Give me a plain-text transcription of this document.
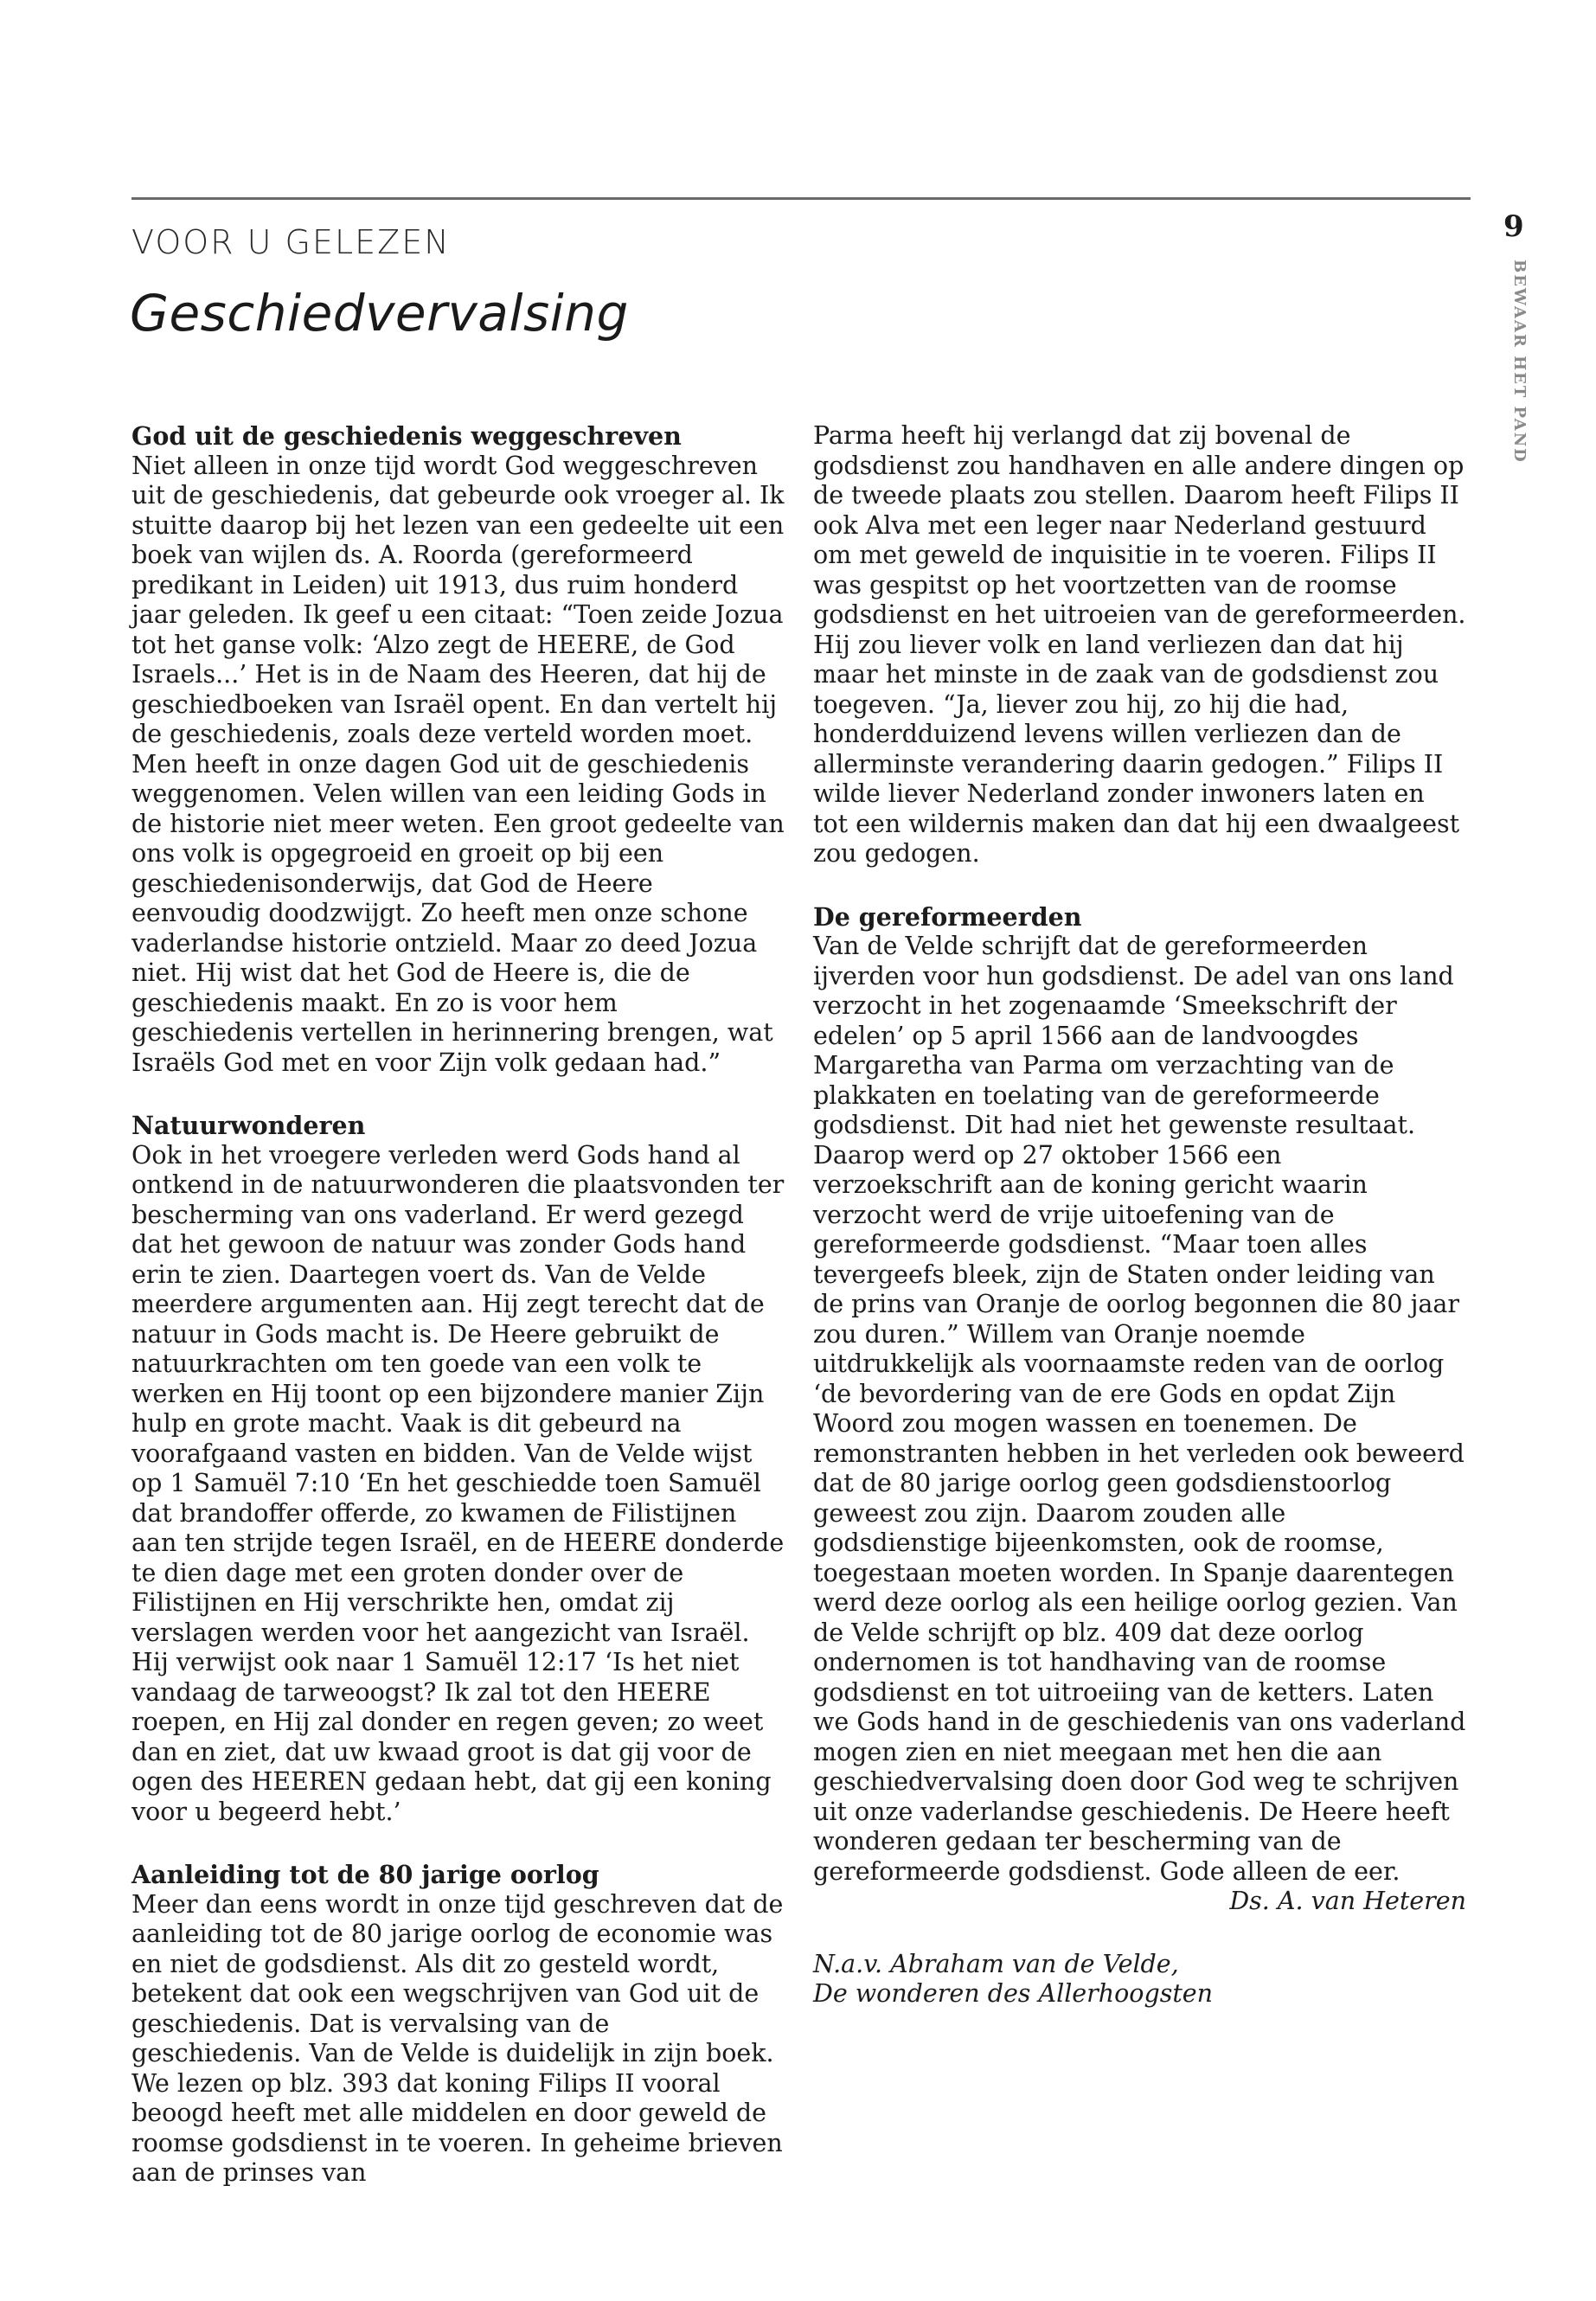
VOOR U GELEZEN
Geschiedvervalsing
9
BEWAAR HET PAND
God uit de geschiedenis weggeschreven

Niet alleen in onze tijd wordt God weggeschreven uit de geschiedenis, dat gebeurde ook vroeger al. Ik stuitte daarop bij het lezen van een gedeelte uit een boek van wijlen ds. A. Roorda (gereformeerd predikant in Leiden) uit 1913, dus ruim honderd jaar geleden. Ik geef u een citaat: “Toen zeide Jozua tot het ganse volk: ‘Alzo zegt de HEERE, de God Israels...’ Het is in de Naam des Heeren, dat hij de geschiedboeken van Israël opent. En dan vertelt hij de geschiedenis, zoals deze verteld worden moet. Men heeft in onze dagen God uit de geschiedenis weggenomen. Velen willen van een leiding Gods in de historie niet meer weten. Een groot gedeelte van ons volk is opgegroeid en groeit op bij een geschiedenisonderwijs, dat God de Heere eenvoudig doodzwijgt. Zo heeft men onze schone vaderlandse historie ontzield. Maar zo deed Jozua niet. Hij wist dat het God de Heere is, die de geschiedenis maakt. En zo is voor hem geschiedenis vertellen in herinnering brengen, wat Israëls God met en voor Zijn volk gedaan had.”

Natuurwonderen

Ook in het vroegere verleden werd Gods hand al ontkend in de natuurwonderen die plaatsvonden ter bescherming van ons vaderland. Er werd gezegd dat het gewoon de natuur was zonder Gods hand erin te zien. Daartegen voert ds. Van de Velde meerdere argumenten aan. Hij zegt terecht dat de natuur in Gods macht is. De Heere gebruikt de natuurkrachten om ten goede van een volk te werken en Hij toont op een bijzondere manier Zijn hulp en grote macht. Vaak is dit gebeurd na voorafgaand vasten en bidden. Van de Velde wijst op 1 Samuël 7:10 ‘En het geschiedde toen Samuël dat brandoffer offerde, zo kwamen de Filistijnen aan ten strijde tegen Israël, en de HEERE donderde te dien dage met een groten donder over de Filistijnen en Hij verschrikte hen, omdat zij verslagen werden voor het aangezicht van Israël. Hij verwijst ook naar 1 Samuël 12:17 ‘Is het niet vandaag de tarweoogst? Ik zal tot den HEERE roepen, en Hij zal donder en regen geven; zo weet dan en ziet, dat uw kwaad groot is dat gij voor de ogen des HEEREN gedaan hebt, dat gij een koning voor u begeerd hebt.’

Aanleiding tot de 80 jarige oorlog

Meer dan eens wordt in onze tijd geschreven dat de aanleiding tot de 80 jarige oorlog de economie was en niet de godsdienst. Als dit zo gesteld wordt, betekent dat ook een wegschrijven van God uit de geschiedenis. Dat is vervalsing van de geschiedenis. Van de Velde is duidelijk in zijn boek. We lezen op blz. 393 dat koning Filips II vooral beoogd heeft met alle middelen en door geweld de roomse godsdienst in te voeren. In geheime brieven aan de prinses van

Parma heeft hij verlangd dat zij bovenal de godsdienst zou handhaven en alle andere dingen op de tweede plaats zou stellen. Daarom heeft Filips II ook Alva met een leger naar Nederland gestuurd om met geweld de inquisitie in te voeren. Filips II was gespitst op het voortzetten van de roomse godsdienst en het uitroeien van de gereformeerden. Hij zou liever volk en land verliezen dan dat hij maar het minste in de zaak van de godsdienst zou toegeven. “Ja, liever zou hij, zo hij die had, honderdduizend levens willen verliezen dan de allerminste verandering daarin gedogen.” Filips II wilde liever Nederland zonder inwoners laten en tot een wildernis maken dan dat hij een dwaalgeest zou gedogen.

De gereformeerden

Van de Velde schrijft dat de gereformeerden ijverden voor hun godsdienst. De adel van ons land verzocht in het zogenaamde ‘Smeekschrift der edelen’ op 5 april 1566 aan de landvoogdes Margaretha van Parma om verzachting van de plakkaten en toelating van de gereformeerde godsdienst. Dit had niet het gewenste resultaat. Daarop werd op 27 oktober 1566 een verzoekschrift aan de koning gericht waarin verzocht werd de vrije uitoefening van de gereformeerde godsdienst. “Maar toen alles tevergeefs bleek, zijn de Staten onder leiding van de prins van Oranje de oorlog begonnen die 80 jaar zou duren.” Willem van Oranje noemde uitdrukkelijk als voornaamste reden van de oorlog ‘de bevordering van de ere Gods en opdat Zijn Woord zou mogen wassen en toenemen. De remonstranten hebben in het verleden ook beweerd dat de 80 jarige oorlog geen godsdienstoorlog geweest zou zijn. Daarom zouden alle godsdienstige bijeenkomsten, ook de roomse, toegestaan moeten worden. In Spanje daarentegen werd deze oorlog als een heilige oorlog gezien. Van de Velde schrijft op blz. 409 dat deze oorlog ondernomen is tot handhaving van de roomse godsdienst en tot uitroeiing van de ketters. Laten we Gods hand in de geschiedenis van ons vaderland mogen zien en niet meegaan met hen die aan geschiedvervalsing doen door God weg te schrijven uit onze vaderlandse geschiedenis. De Heere heeft wonderen gedaan ter bescherming van de gereformeerde godsdienst. Gode alleen de eer.

Ds. A. van Heteren

N.a.v. Abraham van de Velde,
De wonderen des Allerhoogsten
